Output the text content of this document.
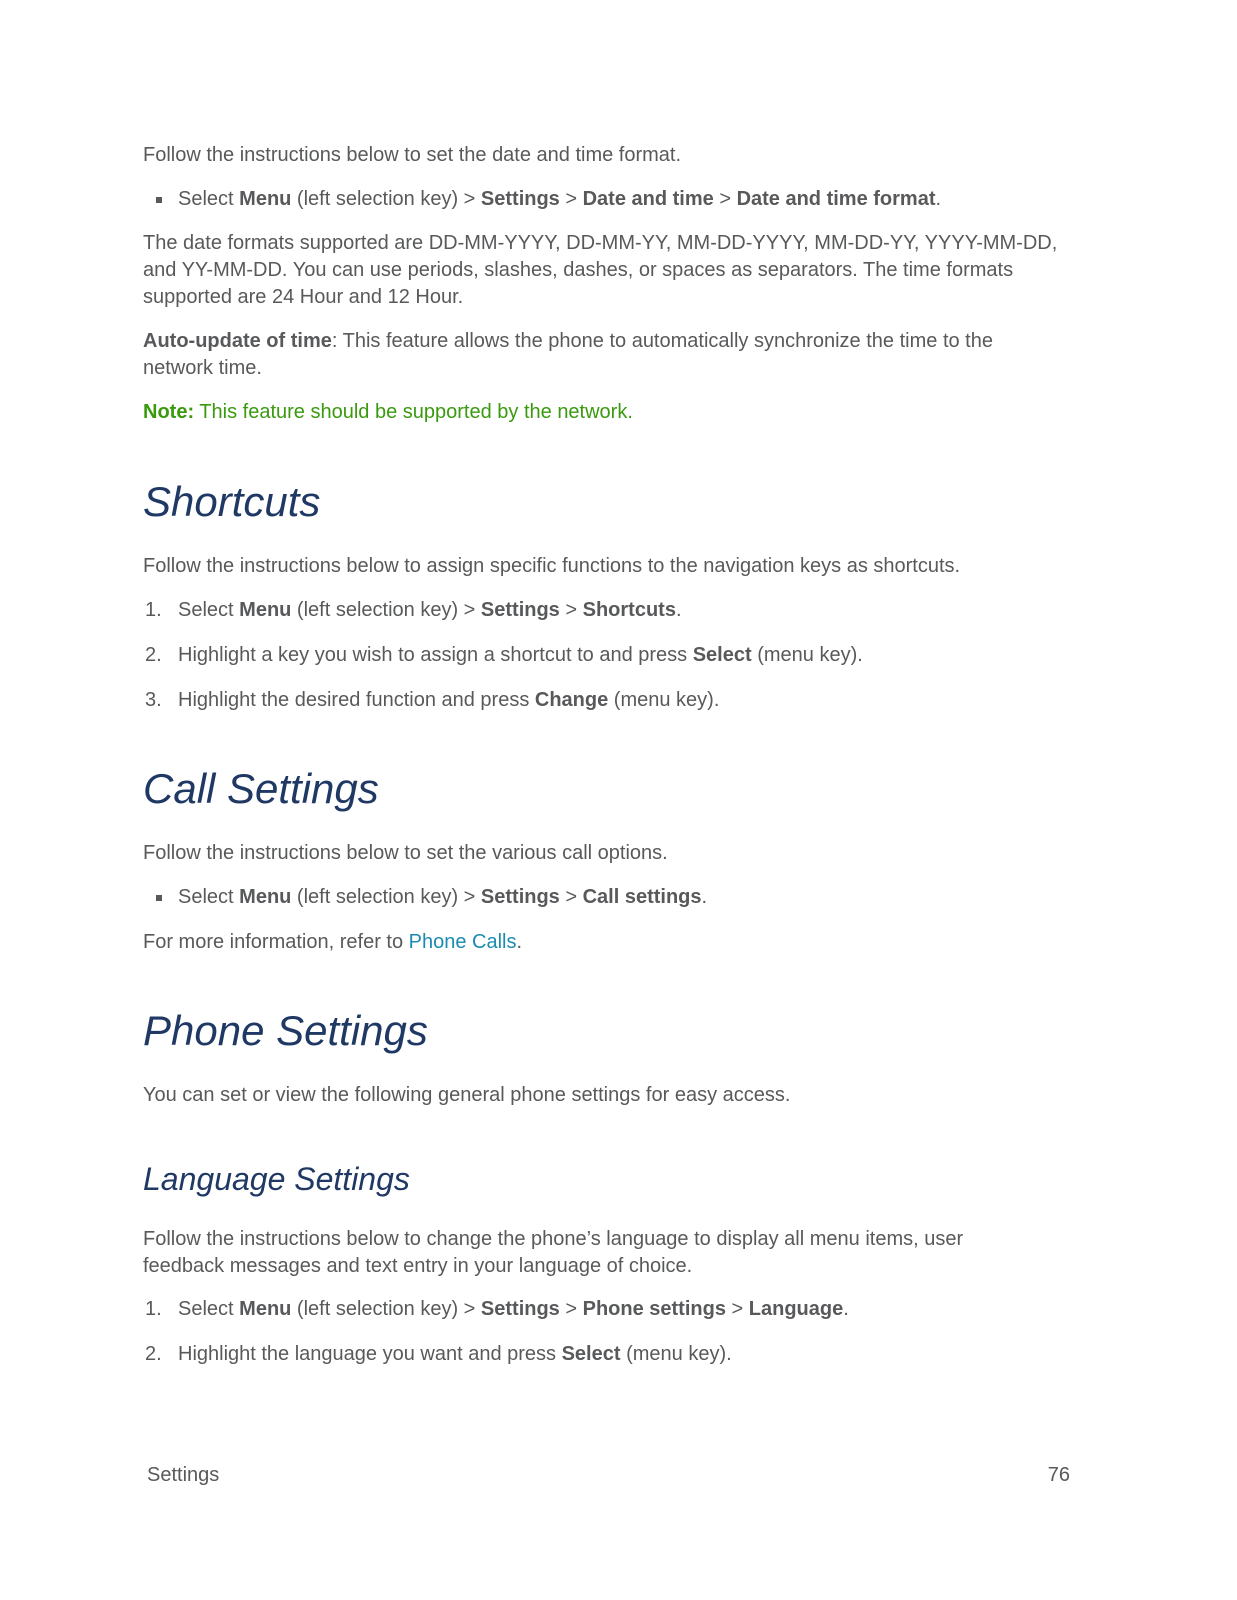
Follow the instructions below to set the date and time format.

Select Menu (left selection key) > Settings > Date and time > Date and time format.

The date formats supported are DD-MM-YYYY, DD-MM-YY, MM-DD-YYYY, MM-DD-YY, YYYY-MM-DD, and YY-MM-DD. You can use periods, slashes, dashes, or spaces as separators. The time formats supported are 24 Hour and 12 Hour.

Auto-update of time: This feature allows the phone to automatically synchronize the time to the network time.

Note: This feature should be supported by the network.

Shortcuts

Follow the instructions below to assign specific functions to the navigation keys as shortcuts.

1. Select Menu (left selection key) > Settings > Shortcuts.

2. Highlight a key you wish to assign a shortcut to and press Select (menu key).

3. Highlight the desired function and press Change (menu key).

Call Settings

Follow the instructions below to set the various call options.

Select Menu (left selection key) > Settings > Call settings.

For more information, refer to Phone Calls.

Phone Settings

You can set or view the following general phone settings for easy access.

Language Settings

Follow the instructions below to change the phone’s language to display all menu items, user feedback messages and text entry in your language of choice.

1. Select Menu (left selection key) > Settings > Phone settings > Language.

2. Highlight the language you want and press Select (menu key).

Settings	76
